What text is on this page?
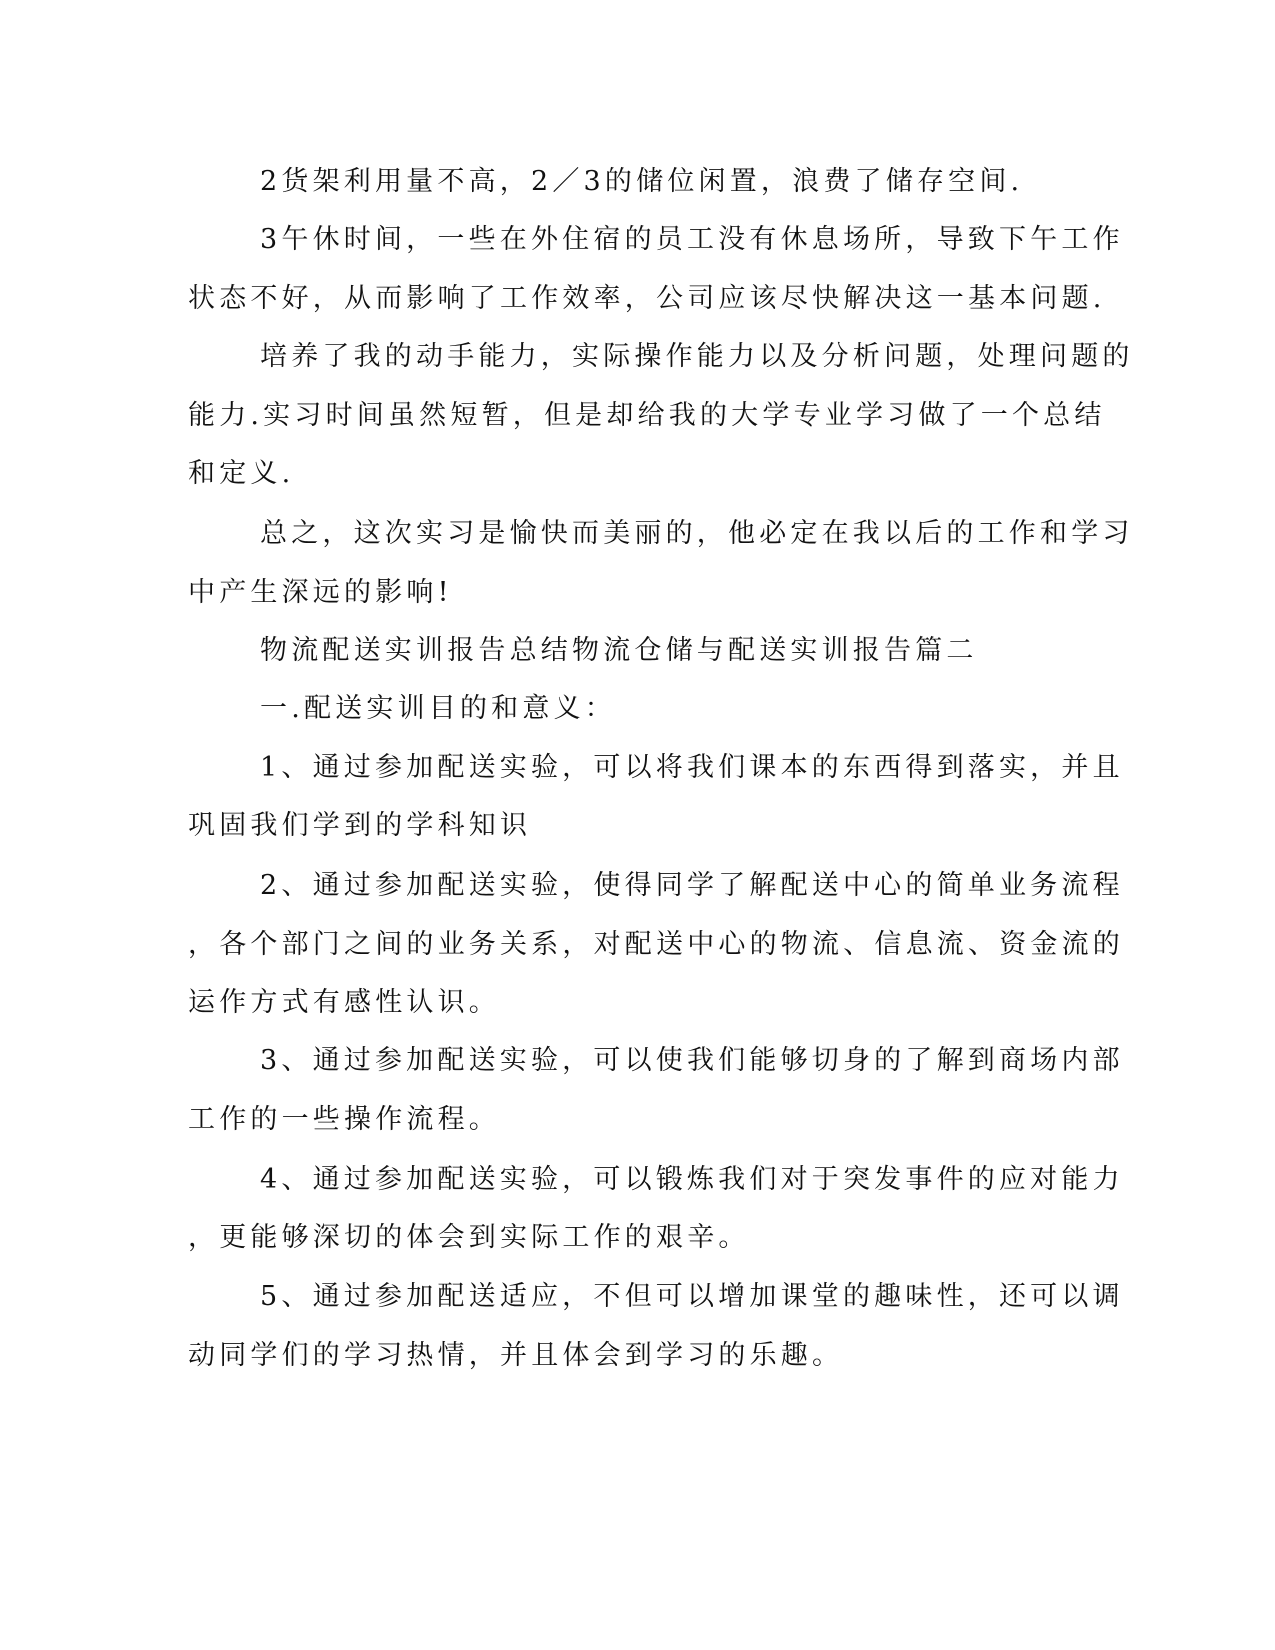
2货架利用量不高，2／3的储位闲置，浪费了储存空间.
3午休时间，一些在外住宿的员工没有休息场所，导致下午工作
状态不好，从而影响了工作效率，公司应该尽快解决这一基本问题.
培养了我的动手能力，实际操作能力以及分析问题，处理问题的
能力.实习时间虽然短暂，但是却给我的大学专业学习做了一个总结
和定义.
总之，这次实习是愉快而美丽的，他必定在我以后的工作和学习
中产生深远的影响!
物流配送实训报告总结物流仓储与配送实训报告篇二
一.配送实训目的和意义：
1、通过参加配送实验，可以将我们课本的东西得到落实，并且
巩固我们学到的学科知识
2、通过参加配送实验，使得同学了解配送中心的简单业务流程
，各个部门之间的业务关系，对配送中心的物流、信息流、资金流的
运作方式有感性认识。
3、通过参加配送实验，可以使我们能够切身的了解到商场内部
工作的一些操作流程。
4、通过参加配送实验，可以锻炼我们对于突发事件的应对能力
，更能够深切的体会到实际工作的艰辛。
5、通过参加配送适应，不但可以增加课堂的趣味性，还可以调
动同学们的学习热情，并且体会到学习的乐趣。
